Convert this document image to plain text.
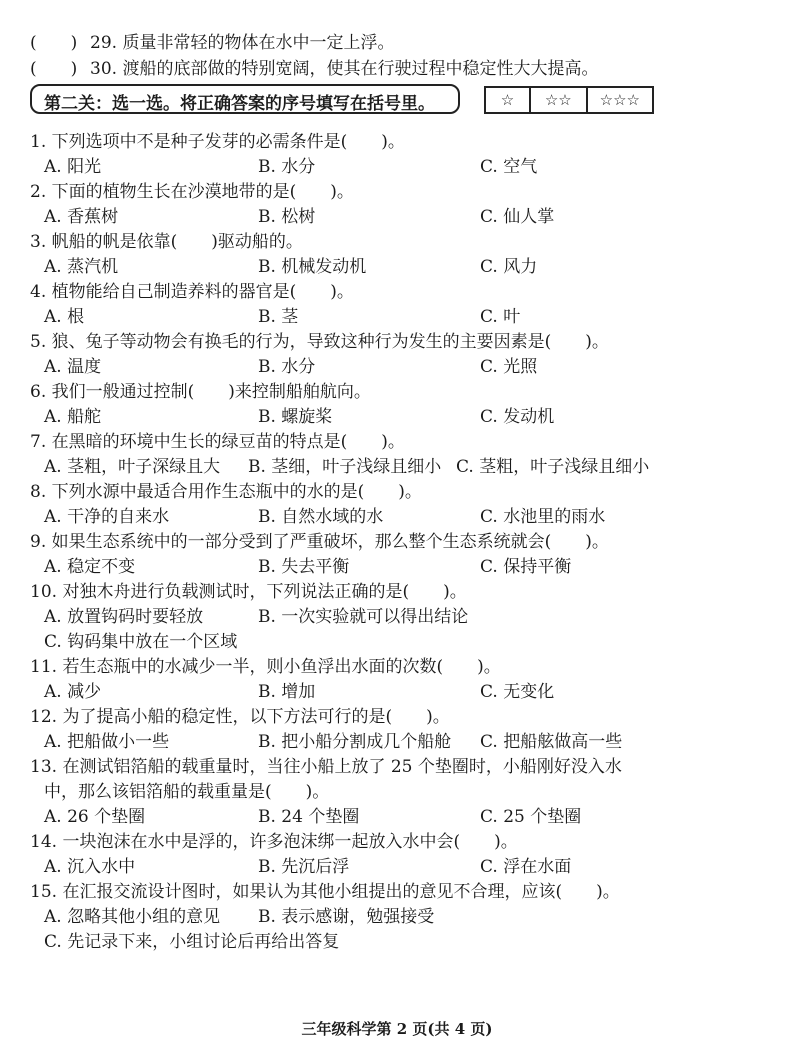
(　　) 29. 质量非常轻的物体在水中一定上浮。
(　　) 30. 渡船的底部做的特别宽阔，使其在行驶过程中稳定性大大提高。
第二关：选一选。将正确答案的序号填写在括号里。	☆	☆☆	☆☆☆
1. 下列选项中不是种子发芽的必需条件是(　　)。
A. 阳光	B. 水分	C. 空气
2. 下面的植物生长在沙漠地带的是(　　)。
A. 香蕉树	B. 松树	C. 仙人掌
3. 帆船的帆是依靠(　　)驱动船的。
A. 蒸汽机	B. 机械发动机	C. 风力
4. 植物能给自己制造养料的器官是(　　)。
A. 根	B. 茎	C. 叶
5. 狼、兔子等动物会有换毛的行为，导致这种行为发生的主要因素是(　　)。
A. 温度	B. 水分	C. 光照
6. 我们一般通过控制(　　)来控制船舶航向。
A. 船舵	B. 螺旋桨	C. 发动机
7. 在黑暗的环境中生长的绿豆苗的特点是(　　)。
A. 茎粗，叶子深绿且大 B. 茎细，叶子浅绿且细小 C. 茎粗，叶子浅绿且细小
8. 下列水源中最适合用作生态瓶中的水的是(　　)。
A. 干净的自来水	B. 自然水域的水	C. 水池里的雨水
9. 如果生态系统中的一部分受到了严重破坏，那么整个生态系统就会(　　)。
A. 稳定不变	B. 失去平衡	C. 保持平衡
10. 对独木舟进行负载测试时，下列说法正确的是(　　)。
A. 放置钩码时要轻放	B. 一次实验就可以得出结论
C. 钩码集中放在一个区域
11. 若生态瓶中的水减少一半，则小鱼浮出水面的次数(　　)。
A. 减少	B. 增加	C. 无变化
12. 为了提高小船的稳定性，以下方法可行的是(　　)。
A. 把船做小一些	B. 把小船分割成几个船舱 C. 把船舷做高一些
13. 在测试铝箔船的载重量时，当往小船上放了 25 个垫圈时，小船刚好没入水
中，那么该铝箔船的载重量是(　　)。
A. 26 个垫圈	B. 24 个垫圈	C. 25 个垫圈
14. 一块泡沫在水中是浮的，许多泡沫绑一起放入水中会(　　)。
A. 沉入水中	B. 先沉后浮	C. 浮在水面
15. 在汇报交流设计图时，如果认为其他小组提出的意见不合理，应该(　　)。
A. 忽略其他小组的意见 B. 表示感谢，勉强接受
C. 先记录下来，小组讨论后再给出答复
三年级科学第 2 页(共 4 页)
